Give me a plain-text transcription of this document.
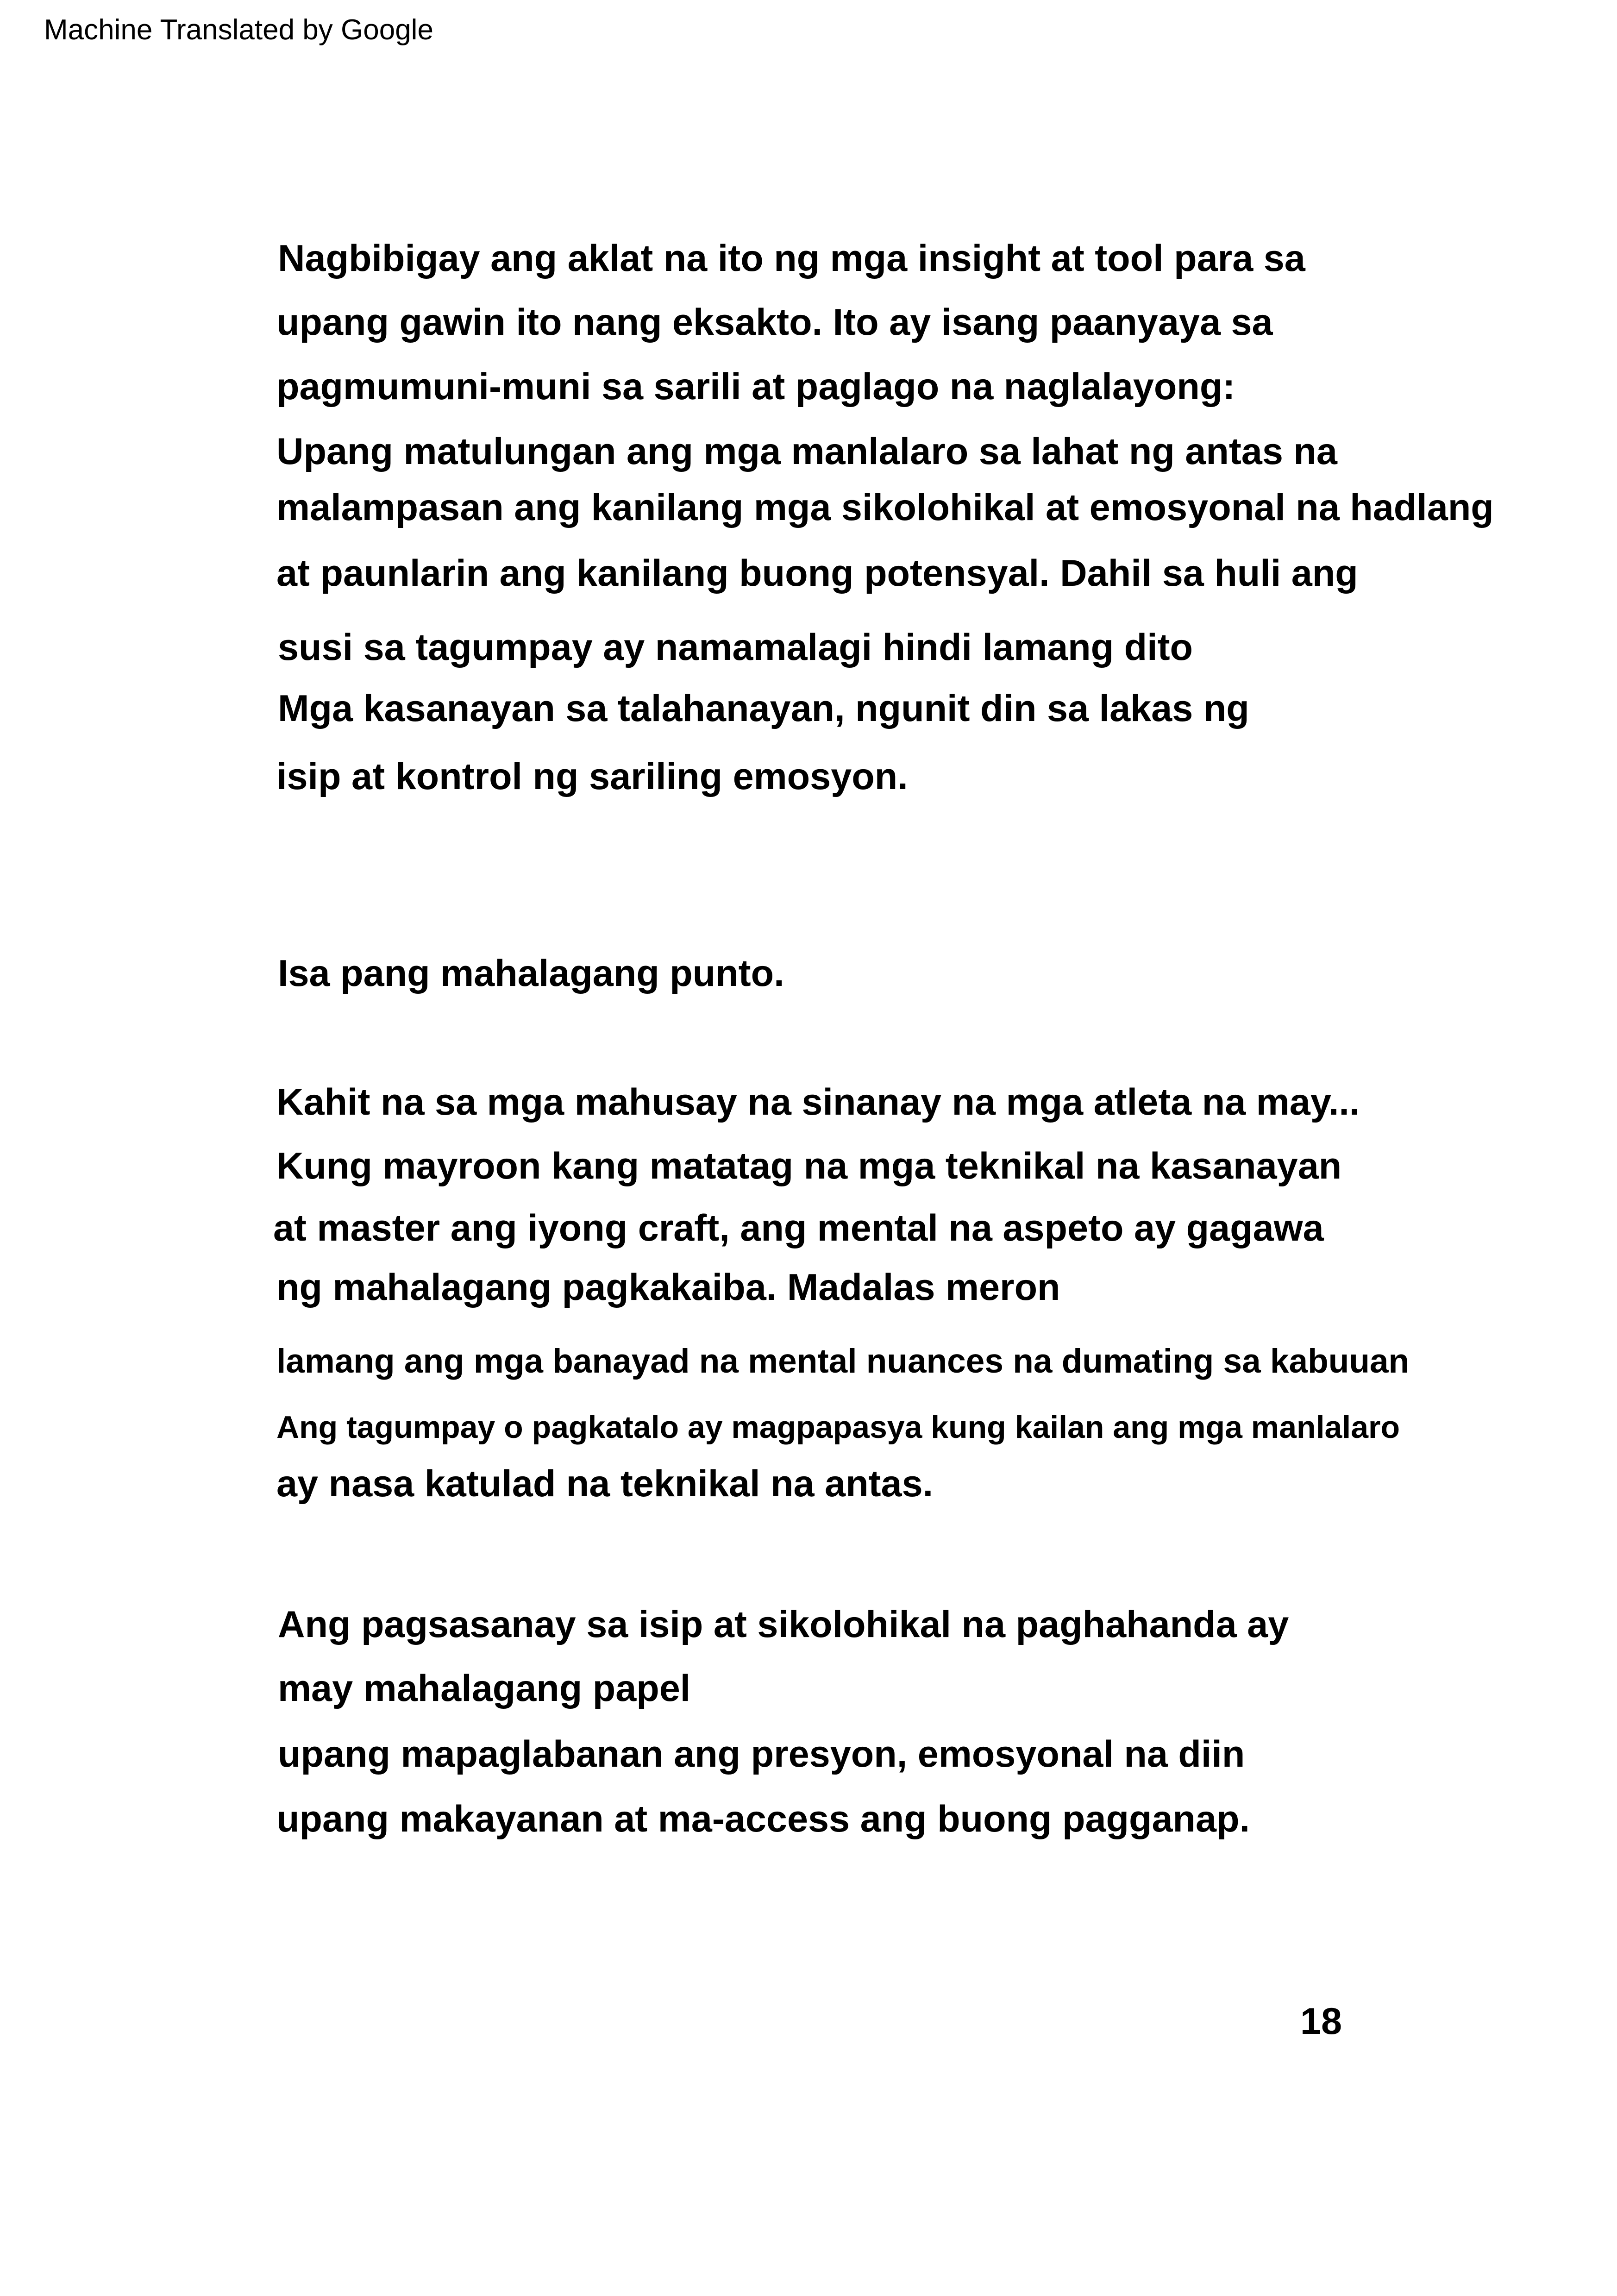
Machine Translated by Google
Nagbibigay ang aklat na ito ng mga insight at tool para sa
upang gawin ito nang eksakto. Ito ay isang paanyaya sa
pagmumuni-muni sa sarili at paglago na naglalayong:
Upang matulungan ang mga manlalaro sa lahat ng antas na
malampasan ang kanilang mga sikolohikal at emosyonal na hadlang
at paunlarin ang kanilang buong potensyal. Dahil sa huli ang
susi sa tagumpay ay namamalagi hindi lamang dito
Mga kasanayan sa talahanayan, ngunit din sa lakas ng
isip at kontrol ng sariling emosyon.
Isa pang mahalagang punto.
Kahit na sa mga mahusay na sinanay na mga atleta na may...
Kung mayroon kang matatag na mga teknikal na kasanayan
at master ang iyong craft, ang mental na aspeto ay gagawa
ng mahalagang pagkakaiba. Madalas meron
lamang ang mga banayad na mental nuances na dumating sa kabuuan
Ang tagumpay o pagkatalo ay magpapasya kung kailan ang mga manlalaro
ay nasa katulad na teknikal na antas.
Ang pagsasanay sa isip at sikolohikal na paghahanda ay
may mahalagang papel
upang mapaglabanan ang presyon, emosyonal na diin
upang makayanan at ma-access ang buong pagganap.
18
